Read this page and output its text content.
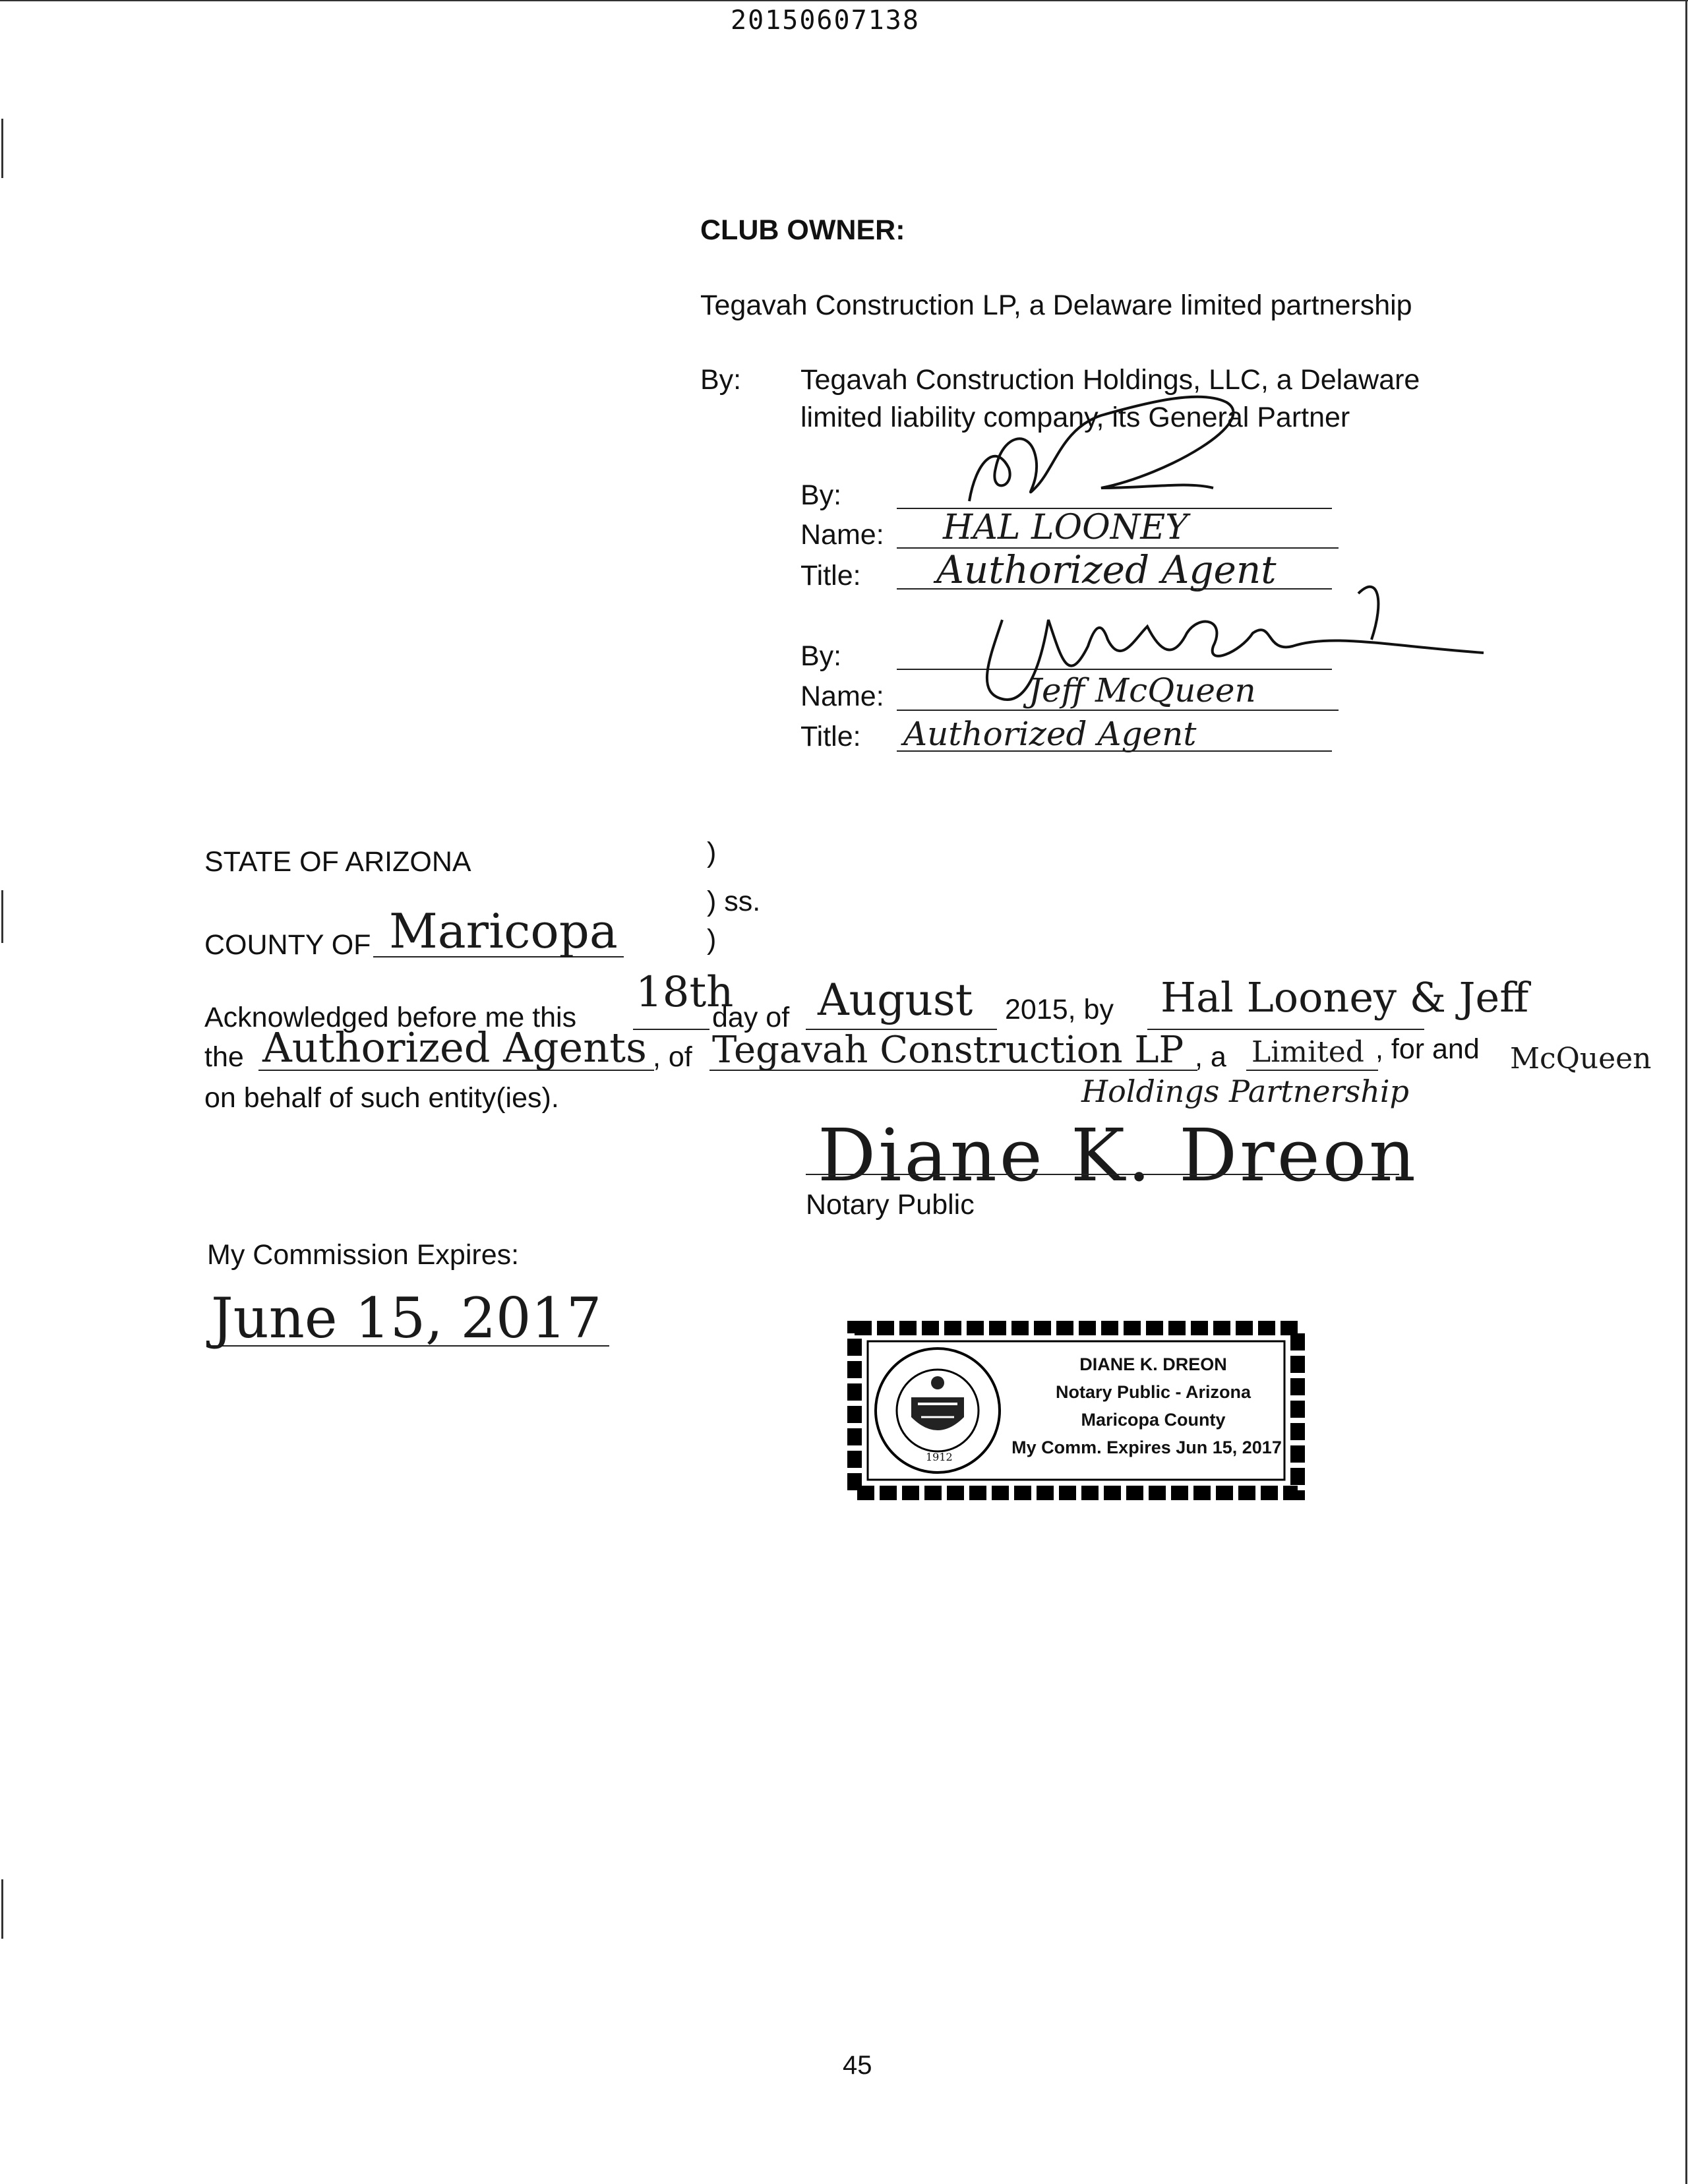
20150607138
CLUB OWNER:
Tegavah Construction LP, a Delaware limited partnership
By: Tegavah Construction Holdings, LLC, a Delaware
limited liability company, its General Partner
By:
Name:
Title:
HAL LOONEY
Authorized Agent
By:
Name:
Title:
Jeff McQueen
Authorized Agent
STATE OF ARIZONA	)
) ss.
)
COUNTY OF Maricopa
Acknowledged before me this
18th
day of August 2015, by Hal Looney & Jeff
the Authorized Agents , of Tegavah Construction LP , a Limited , for and McQueen
Holdings Partnership
on behalf of such entity(ies).
Diane K. Dreon
Notary Public
My Commission Expires:
June 15, 2017
1912
DIANE K. DREON
Notary Public - Arizona
Maricopa County
My Comm. Expires Jun 15, 2017
45
